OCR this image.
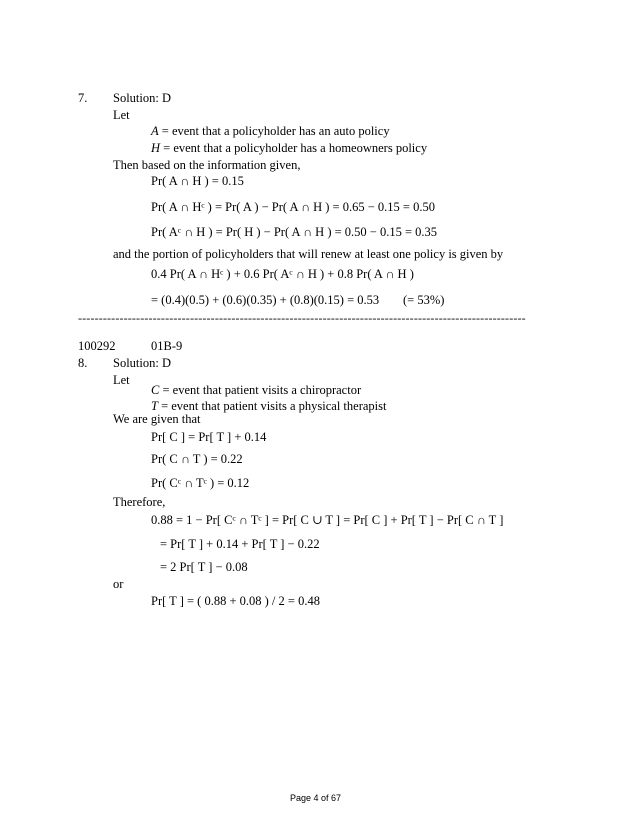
7. Solution: D
Let
A = event that a policyholder has an auto policy
H = event that a policyholder has a homeowners policy
Then based on the information given,
Pr( A ∩ H ) = 0.15
Pr( A ∩ Hᶜ ) = Pr( A ) − Pr( A ∩ H ) = 0.65 − 0.15 = 0.50
Pr( Aᶜ ∩ H ) = Pr( H ) − Pr( A ∩ H ) = 0.50 − 0.15 = 0.35
and the portion of policyholders that will renew at least one policy is given by
0.4 Pr( A ∩ Hᶜ ) + 0.6 Pr( Aᶜ ∩ H ) + 0.8 Pr( A ∩ H )
= (0.4)(0.5) + (0.6)(0.35) + (0.8)(0.15) = 0.53 (= 53%)
------------------------------------------------------------------------------------------------------------
100292	01B-9
8. Solution: D
Let
C = event that patient visits a chiropractor
T = event that patient visits a physical therapist
We are given that
Pr[ C ] = Pr[ T ] + 0.14
Pr( C ∩ T ) = 0.22
Pr( Cᶜ ∩ Tᶜ ) = 0.12
Therefore,
0.88 = 1 − Pr[ Cᶜ ∩ Tᶜ ] = Pr[ C ∪ T ] = Pr[ C ] + Pr[ T ] − Pr[ C ∩ T ]
= Pr[ T ] + 0.14 + Pr[ T ] − 0.22
= 2 Pr[ T ] − 0.08
or
Pr[ T ] = ( 0.88 + 0.08 ) / 2 = 0.48
Page 4 of 67
